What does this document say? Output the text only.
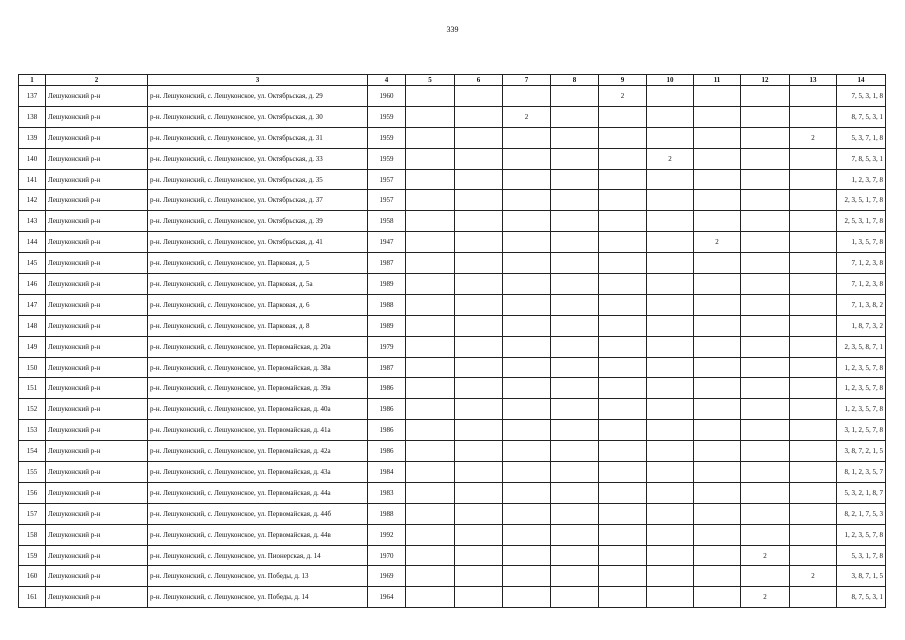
339
1	2	3	4	5	6	7	8	9	10	11	12	13	14
137	Лешуконский р-н	р-н. Лешуконский, с. Лешуконское, ул. Октябрьская, д. 29	1960					2					7, 5, 3, 1, 8
138	Лешуконский р-н	р-н. Лешуконский, с. Лешуконское, ул. Октябрьская, д. 30	1959			2							8, 7, 5, 3, 1
139	Лешуконский р-н	р-н. Лешуконский, с. Лешуконское, ул. Октябрьская, д. 31	1959									2	5, 3, 7, 1, 8
140	Лешуконский р-н	р-н. Лешуконский, с. Лешуконское, ул. Октябрьская, д. 33	1959						2				7, 8, 5, 3, 1
141	Лешуконский р-н	р-н. Лешуконский, с. Лешуконское, ул. Октябрьская, д. 35	1957										1, 2, 3, 7, 8
142	Лешуконский р-н	р-н. Лешуконский, с. Лешуконское, ул. Октябрьская, д. 37	1957										2, 3, 5, 1, 7, 8
143	Лешуконский р-н	р-н. Лешуконский, с. Лешуконское, ул. Октябрьская, д. 39	1958										2, 5, 3, 1, 7, 8
144	Лешуконский р-н	р-н. Лешуконский, с. Лешуконское, ул. Октябрьская, д. 41	1947							2			1, 3, 5, 7, 8
145	Лешуконский р-н	р-н. Лешуконский, с. Лешуконское, ул. Парковая, д. 5	1987										7, 1, 2, 3, 8
146	Лешуконский р-н	р-н. Лешуконский, с. Лешуконское, ул. Парковая, д. 5а	1989										7, 1, 2, 3, 8
147	Лешуконский р-н	р-н. Лешуконский, с. Лешуконское, ул. Парковая, д. 6	1988										7, 1, 3, 8, 2
148	Лешуконский р-н	р-н. Лешуконский, с. Лешуконское, ул. Парковая, д. 8	1989										1, 8, 7, 3, 2
149	Лешуконский р-н	р-н. Лешуконский, с. Лешуконское, ул. Первомайская, д. 20а	1979										2, 3, 5, 8, 7, 1
150	Лешуконский р-н	р-н. Лешуконский, с. Лешуконское, ул. Первомайская, д. 38а	1987										1, 2, 3, 5, 7, 8
151	Лешуконский р-н	р-н. Лешуконский, с. Лешуконское, ул. Первомайская, д. 39а	1986										1, 2, 3, 5, 7, 8
152	Лешуконский р-н	р-н. Лешуконский, с. Лешуконское, ул. Первомайская, д. 40а	1986										1, 2, 3, 5, 7, 8
153	Лешуконский р-н	р-н. Лешуконский, с. Лешуконское, ул. Первомайская, д. 41а	1986										3, 1, 2, 5, 7, 8
154	Лешуконский р-н	р-н. Лешуконский, с. Лешуконское, ул. Первомайская, д. 42а	1986										3, 8, 7, 2, 1, 5
155	Лешуконский р-н	р-н. Лешуконский, с. Лешуконское, ул. Первомайская, д. 43а	1984										8, 1, 2, 3, 5, 7
156	Лешуконский р-н	р-н. Лешуконский, с. Лешуконское, ул. Первомайская, д. 44а	1983										5, 3, 2, 1, 8, 7
157	Лешуконский р-н	р-н. Лешуконский, с. Лешуконское, ул. Первомайская, д. 44б	1988										8, 2, 1, 7, 5, 3
158	Лешуконский р-н	р-н. Лешуконский, с. Лешуконское, ул. Первомайская, д. 44в	1992										1, 2, 3, 5, 7, 8
159	Лешуконский р-н	р-н. Лешуконский, с. Лешуконское, ул. Пионерская, д. 14	1970								2		5, 3, 1, 7, 8
160	Лешуконский р-н	р-н. Лешуконский, с. Лешуконское, ул. Победы, д. 13	1969									2	3, 8, 7, 1, 5
161	Лешуконский р-н	р-н. Лешуконский, с. Лешуконское, ул. Победы, д. 14	1964								2		8, 7, 5, 3, 1
